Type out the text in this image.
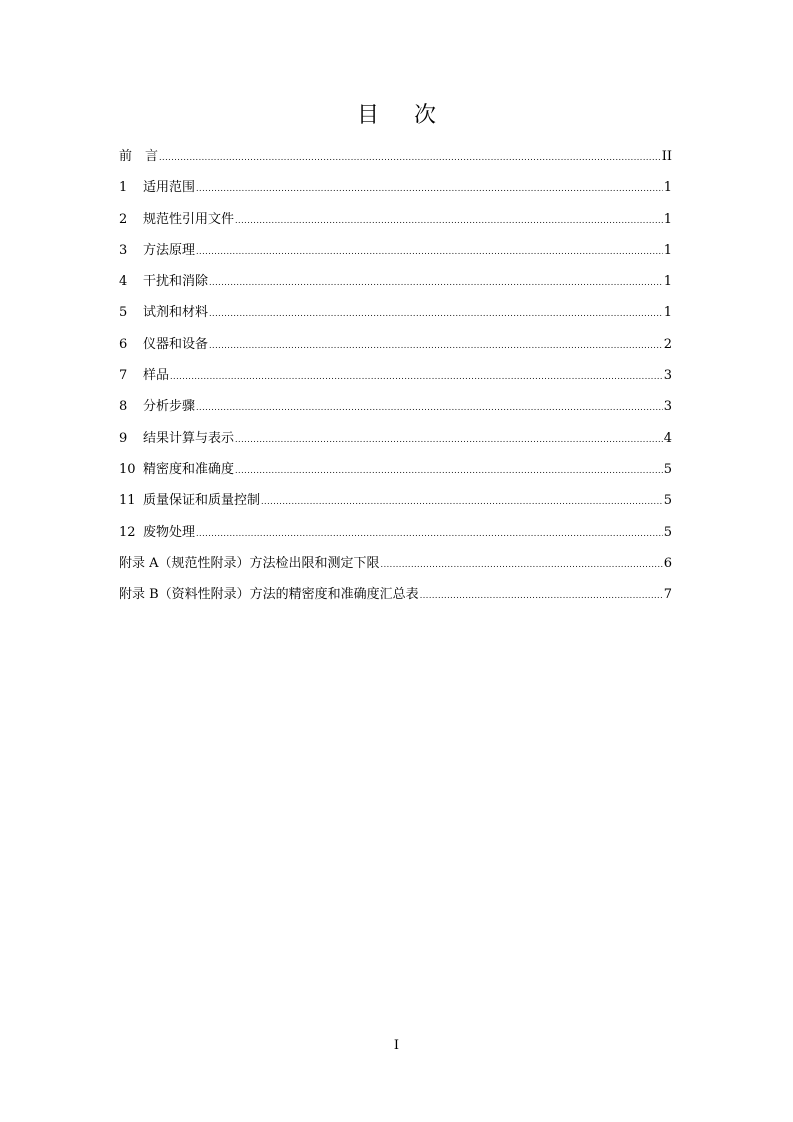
目 次
前　言 .....	II
1	适用范围 .....	1
2	规范性引用文件 .....	1
3	方法原理 .....	1
4	干扰和消除 .....	1
5	试剂和材料 .....	1
6	仪器和设备 .....	2
7	样品 .....	3
8	分析步骤 .....	3
9	结果计算与表示 .....	4
10 精密度和准确度 .....	5
11 质量保证和质量控制 .....	5
12 废物处理 .....	5
附录 A（规范性附录）方法检出限和测定下限 .....	6
附录 B（资料性附录）方法的精密度和准确度汇总表 .....	7
I
